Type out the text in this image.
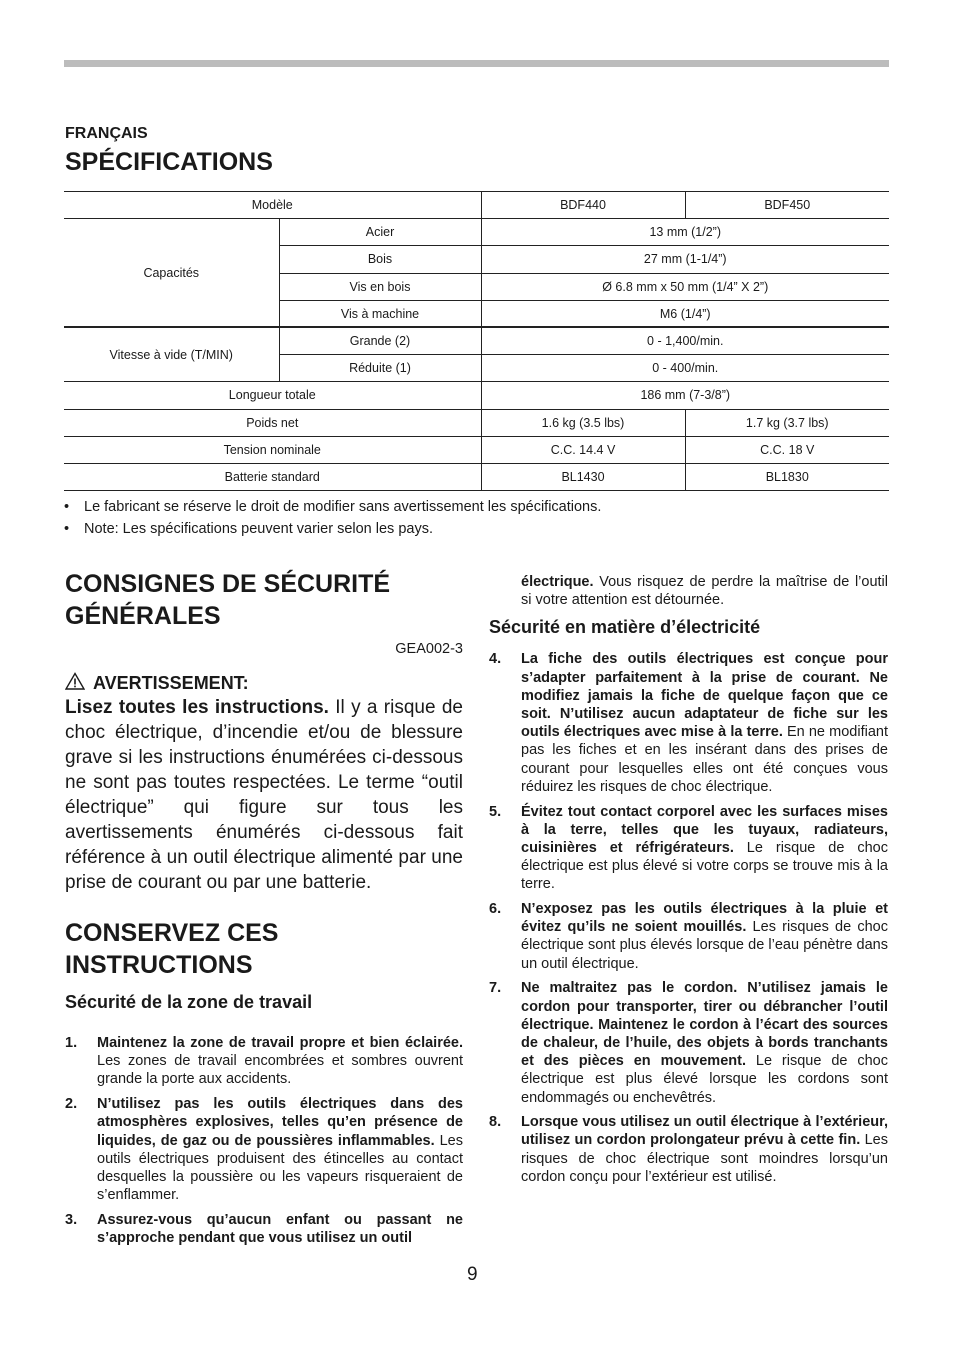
FRANÇAIS
SPÉCIFICATIONS
Modèle		BDF440	BDF450
Capacités	Acier	13 mm (1/2”)	
	Bois	27 mm (1-1/4”)	
	Vis en bois	Ø 6.8 mm x 50 mm (1/4” X 2”)	
	Vis à machine	M6 (1/4”)	
Vitesse à vide (T/MIN)	Grande (2)	0 - 1,400/min.	
	Réduite (1)	0 - 400/min.	
Longueur totale		186 mm (7-3/8”)	
Poids net		1.6 kg (3.5 lbs)	1.7 kg (3.7 lbs)
Tension nominale		C.C. 14.4 V	C.C. 18 V
Batterie standard		BL1430	BL1830
• Le fabricant se réserve le droit de modifier sans avertissement les spécifications.
• Note: Les spécifications peuvent varier selon les pays.
CONSIGNES DE SÉCURITÉ
GÉNÉRALES
GEA002-3
AVERTISSEMENT:
Lisez toutes les instructions. Il y a risque de choc électrique, d’incendie et/ou de blessure grave si les instructions énumérées ci-dessous ne sont pas toutes respectées. Le terme “outil électrique” qui figure sur tous les avertissements énumérés ci-dessous fait référence à un outil électrique alimenté par une prise de courant ou par une batterie.
CONSERVEZ CES
INSTRUCTIONS
Sécurité de la zone de travail
1. Maintenez la zone de travail propre et bien éclairée. Les zones de travail encombrées et sombres ouvrent grande la porte aux accidents.
2. N’utilisez pas les outils électriques dans des atmosphères explosives, telles qu’en présence de liquides, de gaz ou de poussières inflammables. Les outils électriques produisent des étincelles au contact desquelles la poussière ou les vapeurs risqueraient de s’enflammer.
3. Assurez-vous qu’aucun enfant ou passant ne s’approche pendant que vous utilisez un outil
électrique. Vous risquez de perdre la maîtrise de l’outil si votre attention est détournée.
Sécurité en matière d’électricité
4. La fiche des outils électriques est conçue pour s’adapter parfaitement à la prise de courant. Ne modifiez jamais la fiche de quelque façon que ce soit. N’utilisez aucun adaptateur de fiche sur les outils électriques avec mise à la terre. En ne modifiant pas les fiches et en les insérant dans des prises de courant pour lesquelles elles ont été conçues vous réduirez les risques de choc électrique.
5. Évitez tout contact corporel avec les surfaces mises à la terre, telles que les tuyaux, radiateurs, cuisinières et réfrigérateurs. Le risque de choc électrique est plus élevé si votre corps se trouve mis à la terre.
6. N’exposez pas les outils électriques à la pluie et évitez qu’ils ne soient mouillés. Les risques de choc électrique sont plus élevés lorsque de l’eau pénètre dans un outil électrique.
7. Ne maltraitez pas le cordon. N’utilisez jamais le cordon pour transporter, tirer ou débrancher l’outil électrique. Maintenez le cordon à l’écart des sources de chaleur, de l’huile, des objets à bords tranchants et des pièces en mouvement. Le risque de choc électrique est plus élevé lorsque les cordons sont endommagés ou enchevêtrés.
8. Lorsque vous utilisez un outil électrique à l’extérieur, utilisez un cordon prolongateur prévu à cette fin. Les risques de choc électrique sont moindres lorsqu’un cordon conçu pour l’extérieur est utilisé.
9
